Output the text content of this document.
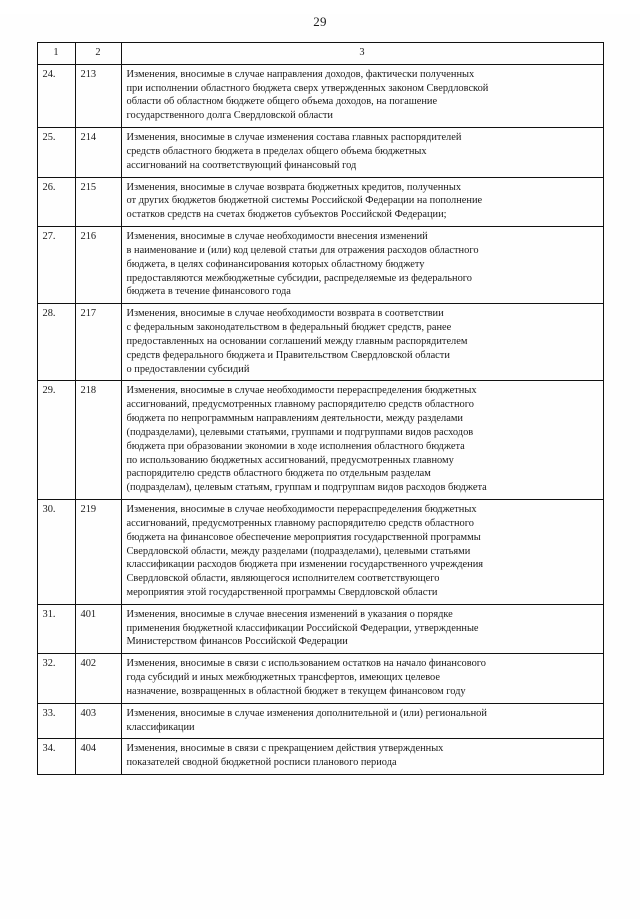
29
1	2	3
24.	213	Изменения, вносимые в случае направления доходов, фактически полученных
при исполнении областного бюджета сверх утвержденных законом Свердловской
области об областном бюджете общего объема доходов, на погашение
государственного долга Свердловской области

25.	214	Изменения, вносимые в случае изменения состава главных распорядителей
средств областного бюджета в пределах общего объема бюджетных
ассигнований на соответствующий финансовый год

26.	215	Изменения, вносимые в случае возврата бюджетных кредитов, полученных
от других бюджетов бюджетной системы Российской Федерации на пополнение
остатков средств на счетах бюджетов субъектов Российской Федерации;

27.	216	Изменения, вносимые в случае необходимости внесения изменений
в наименование и (или) код целевой статьи для отражения расходов областного
бюджета, в целях софинансирования которых областному бюджету
предоставляются межбюджетные субсидии, распределяемые из федерального
бюджета в течение финансового года

28.	217	Изменения, вносимые в случае необходимости возврата в соответствии
с федеральным законодательством в федеральный бюджет средств, ранее
предоставленных на основании соглашений между главным распорядителем
средств федерального бюджета и Правительством Свердловской области
о предоставлении субсидий

29.	218	Изменения, вносимые в случае необходимости перераспределения бюджетных
ассигнований, предусмотренных главному распорядителю средств областного
бюджета по непрограммным направлениям деятельности, между разделами
(подразделами), целевыми статьями, группами и подгруппами видов расходов
бюджета при образовании экономии в ходе исполнения областного бюджета
по использованию бюджетных ассигнований, предусмотренных главному
распорядителю средств областного бюджета по отдельным разделам
(подразделам), целевым статьям, группам и подгруппам видов расходов бюджета

30.	219	Изменения, вносимые в случае необходимости перераспределения бюджетных
ассигнований, предусмотренных главному распорядителю средств областного
бюджета на финансовое обеспечение мероприятия государственной программы
Свердловской области, между разделами (подразделами), целевыми статьями
классификации расходов бюджета при изменении государственного учреждения
Свердловской области, являющегося исполнителем соответствующего
мероприятия этой государственной программы Свердловской области

31.	401	Изменения, вносимые в случае внесения изменений в указания о порядке
применения бюджетной классификации Российской Федерации, утвержденные
Министерством финансов Российской Федерации

32.	402	Изменения, вносимые в связи с использованием остатков на начало финансового
года субсидий и иных межбюджетных трансфертов, имеющих целевое
назначение, возвращенных в областной бюджет в текущем финансовом году

33.	403	Изменения, вносимые в случае изменения дополнительной и (или) региональной
классификации

34.	404	Изменения, вносимые в связи с прекращением действия утвержденных
показателей сводной бюджетной росписи планового периода
